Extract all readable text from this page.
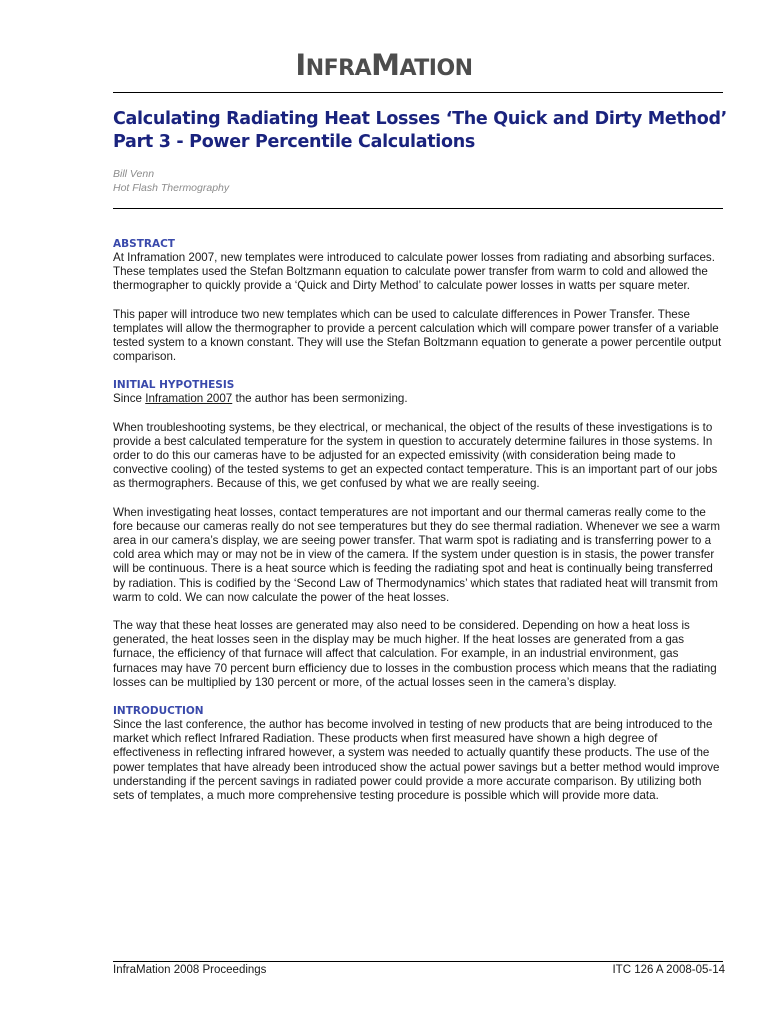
INFRAMATION
Calculating Radiating Heat Losses ‘The Quick and Dirty Method’ Part 3 - Power Percentile Calculations
Bill Venn
Hot Flash Thermography
ABSTRACT

At Inframation 2007, new templates were introduced to calculate power losses from radiating and absorbing surfaces. These templates used the Stefan Boltzmann equation to calculate power transfer from warm to cold and allowed the thermographer to quickly provide a ‘Quick and Dirty Method’ to calculate power losses in watts per square meter.

This paper will introduce two new templates which can be used to calculate differences in Power Transfer. These templates will allow the thermographer to provide a percent calculation which will compare power transfer of a variable tested system to a known constant. They will use the Stefan Boltzmann equation to generate a power percentile output comparison.

INITIAL HYPOTHESIS

Since Inframation 2007 the author has been sermonizing.

When troubleshooting systems, be they electrical, or mechanical, the object of the results of these investigations is to provide a best calculated temperature for the system in question to accurately determine failures in those systems. In order to do this our cameras have to be adjusted for an expected emissivity (with consideration being made to convective cooling) of the tested systems to get an expected contact temperature. This is an important part of our jobs as thermographers. Because of this, we get confused by what we are really seeing.

When investigating heat losses, contact temperatures are not important and our thermal cameras really come to the fore because our cameras really do not see temperatures but they do see thermal radiation. Whenever we see a warm area in our camera’s display, we are seeing power transfer. That warm spot is radiating and is transferring power to a cold area which may or may not be in view of the camera. If the system under question is in stasis, the power transfer will be continuous. There is a heat source which is feeding the radiating spot and heat is continually being transferred by radiation. This is codified by the ‘Second Law of Thermodynamics’ which states that radiated heat will transmit from warm to cold. We can now calculate the power of the heat losses.

The way that these heat losses are generated may also need to be considered. Depending on how a heat loss is generated, the heat losses seen in the display may be much higher. If the heat losses are generated from a gas furnace, the efficiency of that furnace will affect that calculation. For example, in an industrial environment, gas furnaces may have 70 percent burn efficiency due to losses in the combustion process which means that the radiating losses can be multiplied by 130 percent or more, of the actual losses seen in the camera’s display.

INTRODUCTION

Since the last conference, the author has become involved in testing of new products that are being introduced to the market which reflect Infrared Radiation. These products when first measured have shown a high degree of effectiveness in reflecting infrared however, a system was needed to actually quantify these products. The use of the power templates that have already been introduced show the actual power savings but a better method would improve understanding if the percent savings in radiated power could provide a more accurate comparison. By utilizing both sets of templates, a much more comprehensive testing procedure is possible which will provide more data.

InfraMation 2008 Proceedings	ITC 126 A 2008-05-14
